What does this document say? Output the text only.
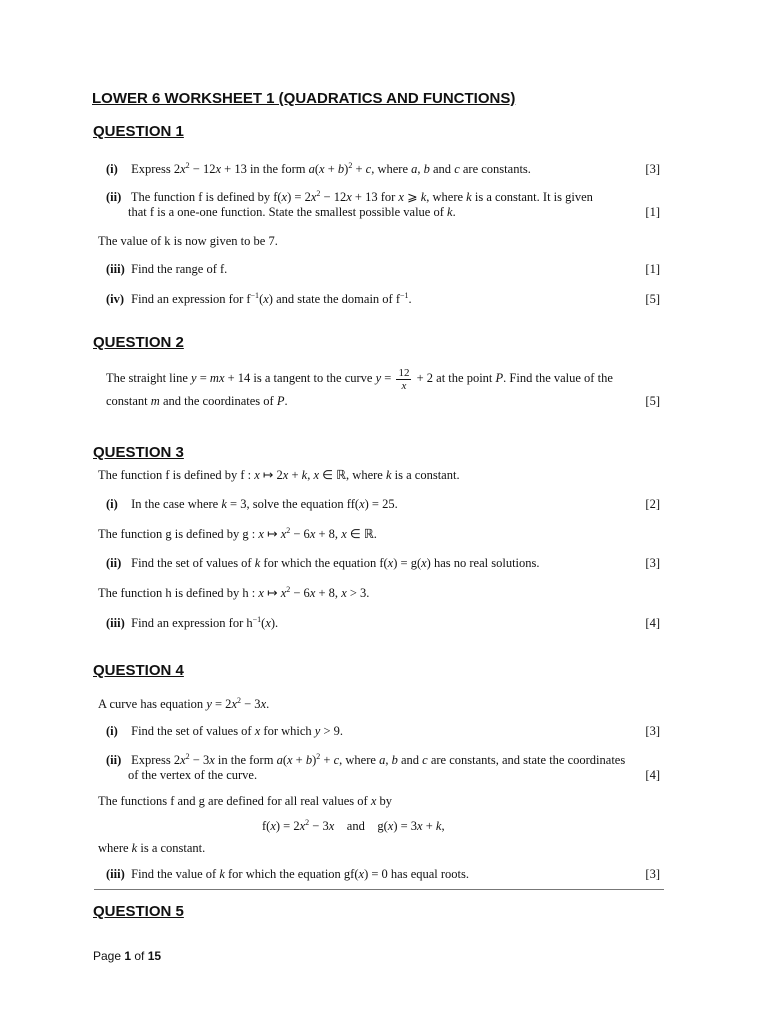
LOWER 6 WORKSHEET 1 (QUADRATICS AND FUNCTIONS)
QUESTION 1
(i) Express $2x^2 - 12x + 13$ in the form $a(x + b)^2 + c$, where a, b and c are constants.	[3]
(ii) The function f is defined by $f(x) = 2x^2 - 12x + 13$ for x ⩾ k, where k is a constant. It is given
that f is a one-one function. State the smallest possible value of k.	[1]
The value of k is now given to be 7.
(iii) Find the range of f.	[1]
(iv) Find an expression for $f^{-1}(x)$ and state the domain of $f^{-1}$.	[5]
QUESTION 2
The straight line y = mx + 14 is a tangent to the curve $y = \frac{12}{x} + 2$ at the point P. Find the value of the
constant m and the coordinates of P.	[5]
QUESTION 3
The function f is defined by f : x ↦ 2x + k, x ∈ ℝ, where k is a constant.
(i) In the case where k = 3, solve the equation ff(x) = 25.	[2]
The function g is defined by g : x ↦ $x^2 - 6x + 8$, x ∈ ℝ.
(ii) Find the set of values of k for which the equation f(x) = g(x) has no real solutions.	[3]
The function h is defined by h : x ↦ $x^2 - 6x + 8$, x > 3.
(iii) Find an expression for $h^{-1}(x)$.	[4]
QUESTION 4
A curve has equation $y = 2x^2 - 3x$.
(i) Find the set of values of x for which y > 9.	[3]
(ii) Express $2x^2 - 3x$ in the form $a(x + b)^2 + c$, where a, b and c are constants, and state the coordinates
of the vertex of the curve.	[4]
The functions f and g are defined for all real values of x by
$f(x) = 2x^2 - 3x$    and    g(x) = 3x + k,
where k is a constant.
(iii) Find the value of k for which the equation gf(x) = 0 has equal roots.	[3]
QUESTION 5
Page 1 of 15
